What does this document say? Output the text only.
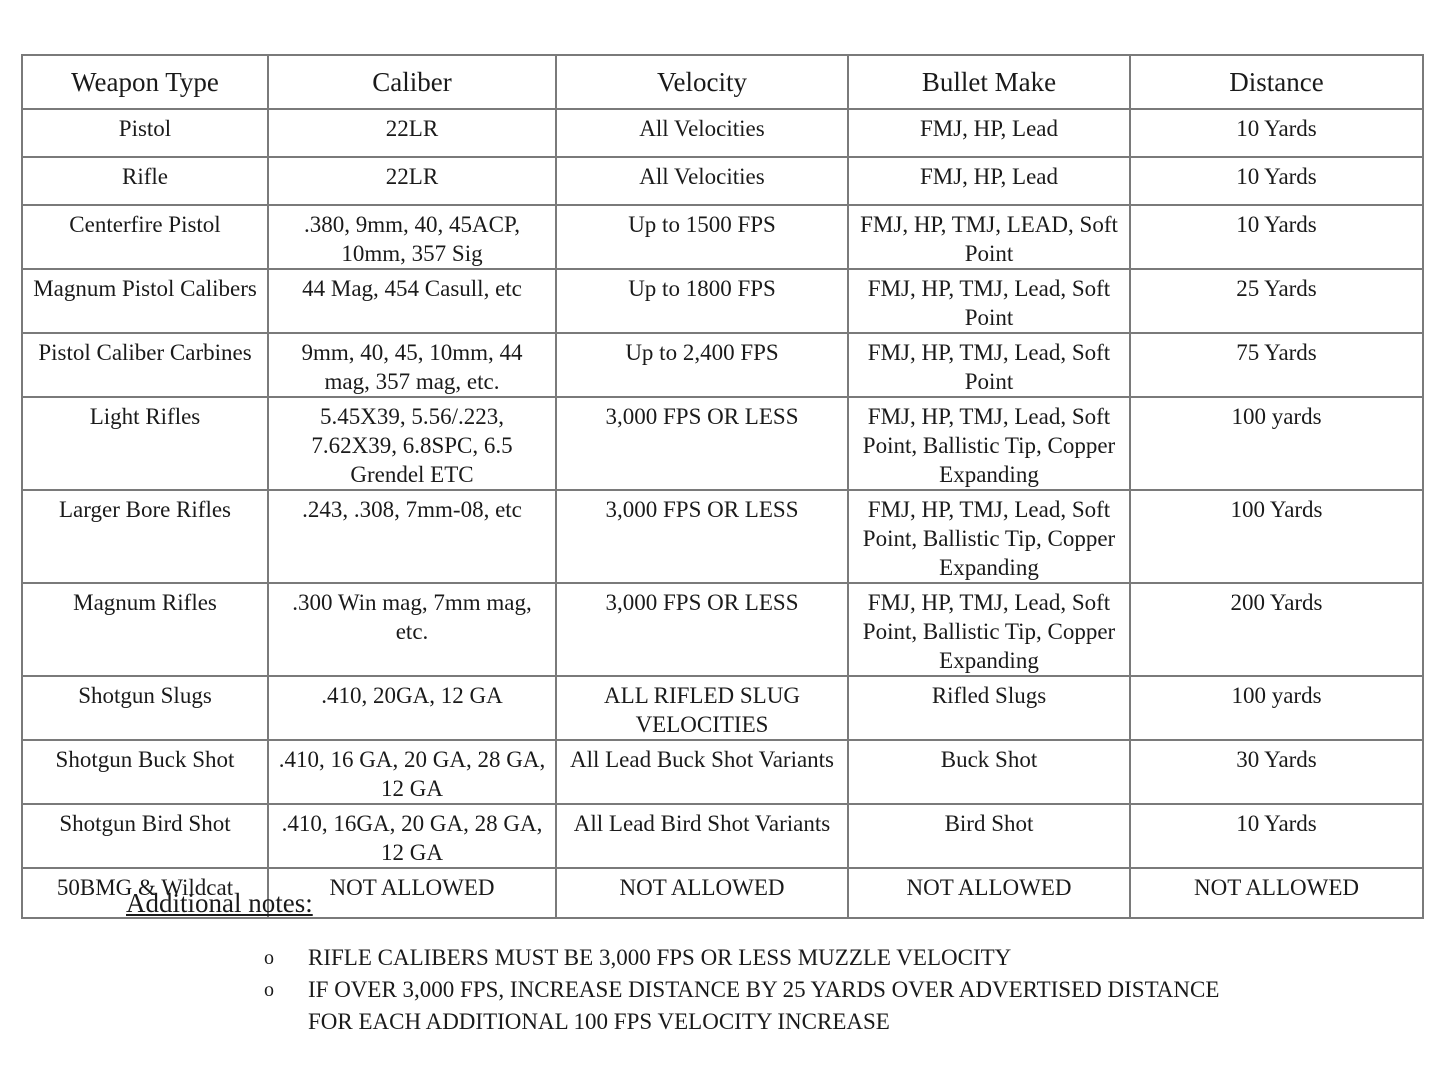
Weapon Type	Caliber	Velocity	Bullet Make	Distance
Pistol	22LR	All Velocities	FMJ, HP, Lead	10 Yards
Rifle	22LR	All Velocities	FMJ, HP, Lead	10 Yards
Centerfire Pistol	.380, 9mm, 40, 45ACP, 10mm, 357 Sig	Up to 1500 FPS	FMJ, HP, TMJ, LEAD, Soft Point	10 Yards
Magnum Pistol Calibers	44 Mag, 454 Casull, etc	Up to 1800 FPS	FMJ, HP, TMJ, Lead, Soft Point	25 Yards
Pistol Caliber Carbines	9mm, 40, 45, 10mm, 44 mag, 357 mag, etc.	Up to 2,400 FPS	FMJ, HP, TMJ, Lead, Soft Point	75 Yards
Light Rifles	5.45X39, 5.56/.223, 7.62X39, 6.8SPC, 6.5 Grendel ETC	3,000 FPS OR LESS	FMJ, HP, TMJ, Lead, Soft Point, Ballistic Tip, Copper Expanding	100 yards
Larger Bore Rifles	.243, .308, 7mm-08, etc	3,000 FPS OR LESS	FMJ, HP, TMJ, Lead, Soft Point, Ballistic Tip, Copper Expanding	100 Yards
Magnum Rifles	.300 Win mag, 7mm mag, etc.	3,000 FPS OR LESS	FMJ, HP, TMJ, Lead, Soft Point, Ballistic Tip, Copper Expanding	200 Yards
Shotgun Slugs	.410, 20GA, 12 GA	ALL RIFLED SLUG VELOCITIES	Rifled Slugs	100 yards
Shotgun Buck Shot	.410, 16 GA, 20 GA, 28 GA, 12 GA	All Lead Buck Shot Variants	Buck Shot	30 Yards
Shotgun Bird Shot	.410, 16GA, 20 GA, 28 GA, 12 GA	All Lead Bird Shot Variants	Bird Shot	10 Yards
50BMG & Wildcat	NOT ALLOWED	NOT ALLOWED	NOT ALLOWED	NOT ALLOWED
Additional notes:
o RIFLE CALIBERS MUST BE 3,000 FPS OR LESS MUZZLE VELOCITY
o IF OVER 3,000 FPS, INCREASE DISTANCE BY 25 YARDS OVER ADVERTISED DISTANCE FOR EACH ADDITIONAL 100 FPS VELOCITY INCREASE
